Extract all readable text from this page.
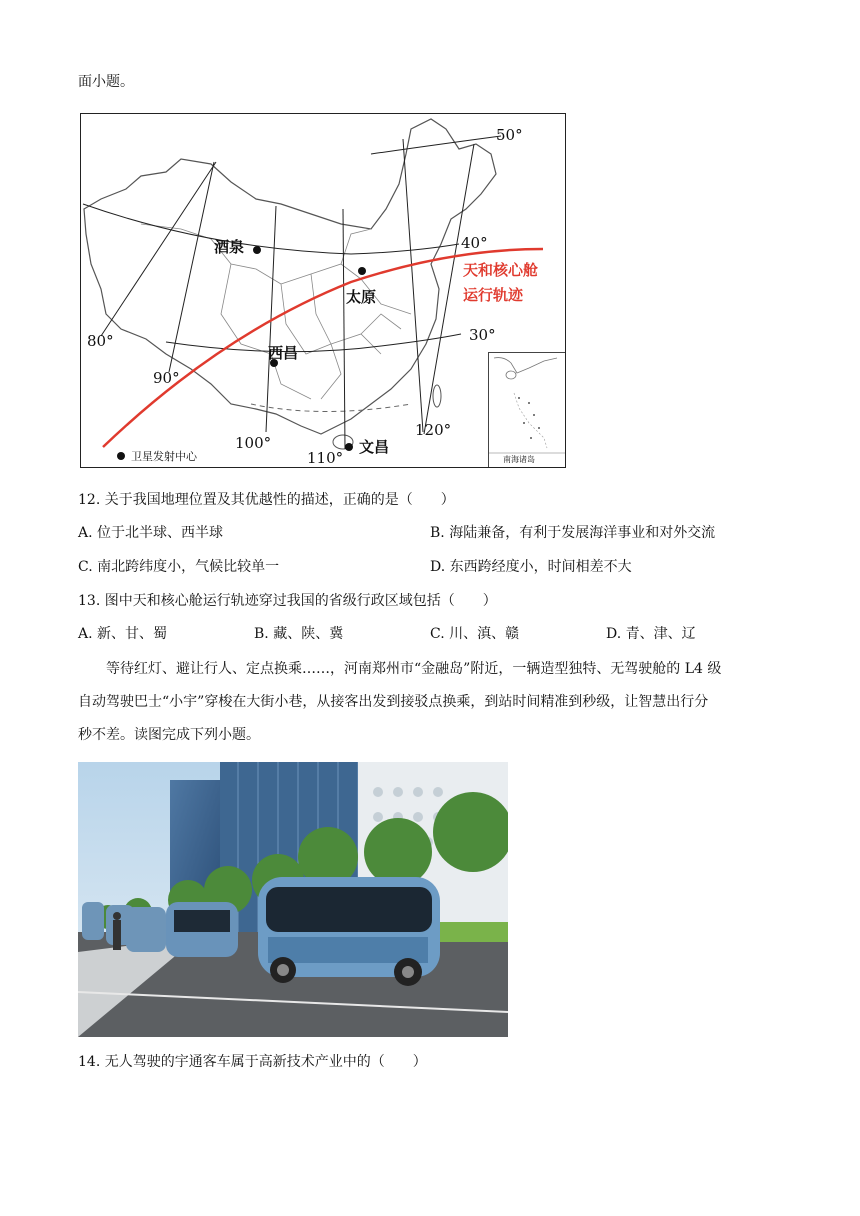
面小题。
50°
40°
30°
80°
90°
100°
110°
120°
酒泉
太原
西昌
文昌
天和核心舱
运行轨迹
卫星发射中心	南海诸岛
12. 关于我国地理位置及其优越性的描述，正确的是（　　）
A. 位于北半球、西半球	B. 海陆兼备，有利于发展海洋事业和对外交流
C. 南北跨纬度小，气候比较单一	D. 东西跨经度小，时间相差不大
13. 图中天和核心舱运行轨迹穿过我国的省级行政区域包括（　　）
A. 新、甘、蜀	B. 藏、陕、冀	C. 川、滇、赣	D. 青、津、辽
等待红灯、避让行人、定点换乘……，河南郑州市“金融岛”附近，一辆造型独特、无驾驶舱的 L4 级
自动驾驶巴士“小宇”穿梭在大街小巷，从接客出发到接驳点换乘，到站时间精准到秒级，让智慧出行分
秒不差。读图完成下列小题。
14. 无人驾驶的宇通客车属于高新技术产业中的（　　）
